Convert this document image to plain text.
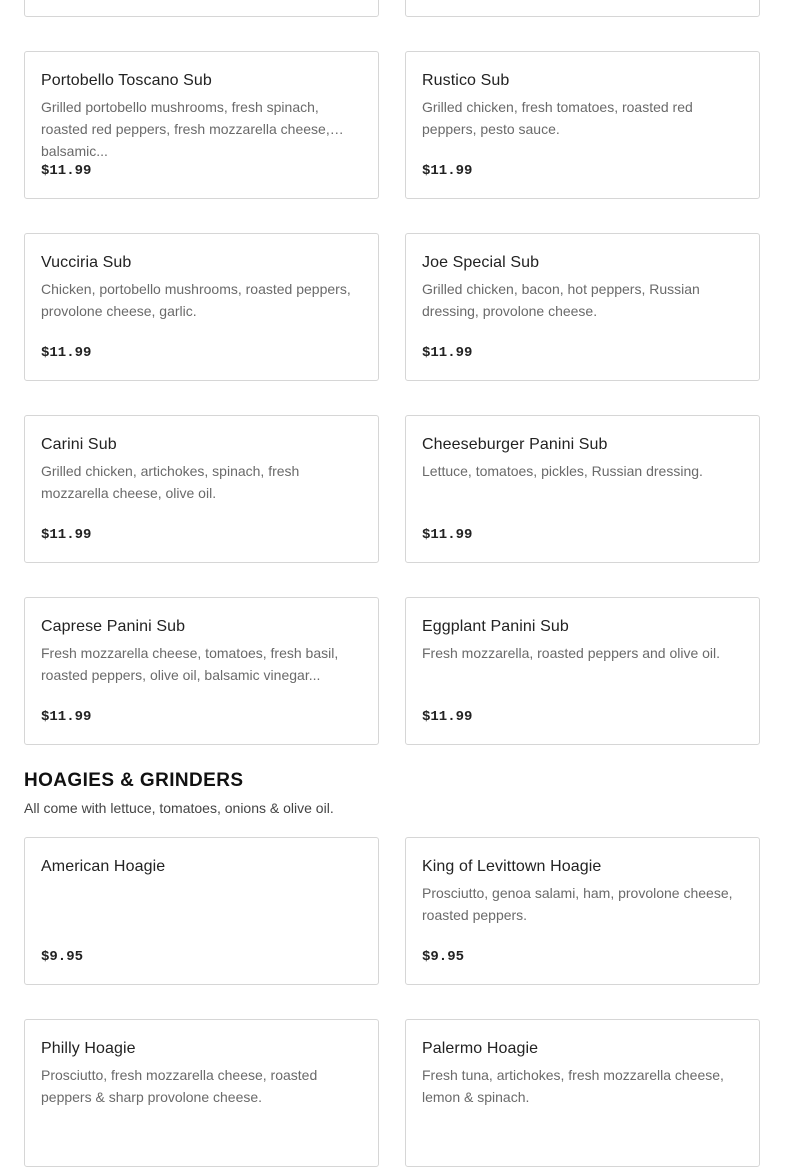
Portobello Toscano Sub
Grilled portobello mushrooms, fresh spinach, roasted red peppers, fresh mozzarella cheese, balsamic...
$11.99
Rustico Sub
Grilled chicken, fresh tomatoes, roasted red peppers, pesto sauce.
$11.99
Vucciria Sub
Chicken, portobello mushrooms, roasted peppers, provolone cheese, garlic.
$11.99
Joe Special Sub
Grilled chicken, bacon, hot peppers, Russian dressing, provolone cheese.
$11.99
Carini Sub
Grilled chicken, artichokes, spinach, fresh mozzarella cheese, olive oil.
$11.99
Cheeseburger Panini Sub
Lettuce, tomatoes, pickles, Russian dressing.
$11.99
Caprese Panini Sub
Fresh mozzarella cheese, tomatoes, fresh basil, roasted peppers, olive oil, balsamic vinegar...
$11.99
Eggplant Panini Sub
Fresh mozzarella, roasted peppers and olive oil.
$11.99
HOAGIES & GRINDERS
All come with lettuce, tomatoes, onions & olive oil.
American Hoagie
$9.95
King of Levittown Hoagie
Prosciutto, genoa salami, ham, provolone cheese, roasted peppers.
$9.95
Philly Hoagie
Prosciutto, fresh mozzarella cheese, roasted peppers & sharp provolone cheese.
Palermo Hoagie
Fresh tuna, artichokes, fresh mozzarella cheese, lemon & spinach.
